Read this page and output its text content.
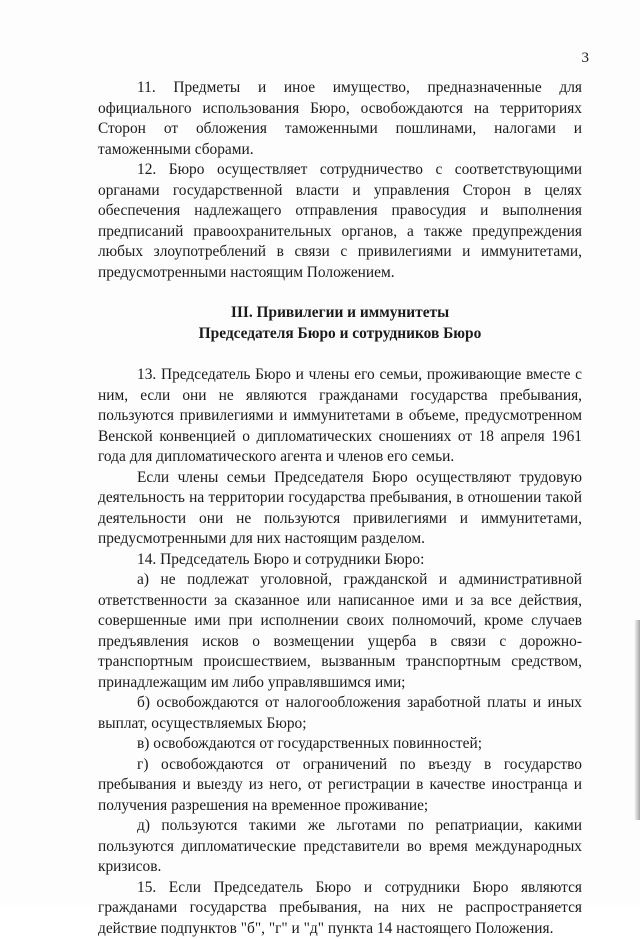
3

11. Предметы и иное имущество, предназначенные для официального использования Бюро, освобождаются на территориях Сторон от обложения таможенными пошлинами, налогами и таможенными сборами.

12. Бюро осуществляет сотрудничество с соответствующими органами государственной власти и управления Сторон в целях обеспечения надлежащего отправления правосудия и выполнения предписаний правоохранительных органов, а также предупреждения любых злоупотреблений в связи с привилегиями и иммунитетами, предусмотренными настоящим Положением.

III. Привилегии и иммунитеты
Председателя Бюро и сотрудников Бюро

13. Председатель Бюро и члены его семьи, проживающие вместе с ним, если они не являются гражданами государства пребывания, пользуются привилегиями и иммунитетами в объеме, предусмотренном Венской конвенцией о дипломатических сношениях от 18 апреля 1961 года для дипломатического агента и членов его семьи.

Если члены семьи Председателя Бюро осуществляют трудовую деятельность на территории государства пребывания, в отношении такой деятельности они не пользуются привилегиями и иммунитетами, предусмотренными для них настоящим разделом.

14. Председатель Бюро и сотрудники Бюро:

а) не подлежат уголовной, гражданской и административной ответственности за сказанное или написанное ими и за все действия, совершенные ими при исполнении своих полномочий, кроме случаев предъявления исков о возмещении ущерба в связи с дорожно-транспортным происшествием, вызванным транспортным средством, принадлежащим им либо управлявшимся ими;

б) освобождаются от налогообложения заработной платы и иных выплат, осуществляемых Бюро;

в) освобождаются от государственных повинностей;

г) освобождаются от ограничений по въезду в государство пребывания и выезду из него, от регистрации в качестве иностранца и получения разрешения на временное проживание;

д) пользуются такими же льготами по репатриации, какими пользуются дипломатические представители во время международных кризисов.

15. Если Председатель Бюро и сотрудники Бюро являются гражданами государства пребывания, на них не распространяется действие подпунктов "б", "г" и "д" пункта 14 настоящего Положения.
